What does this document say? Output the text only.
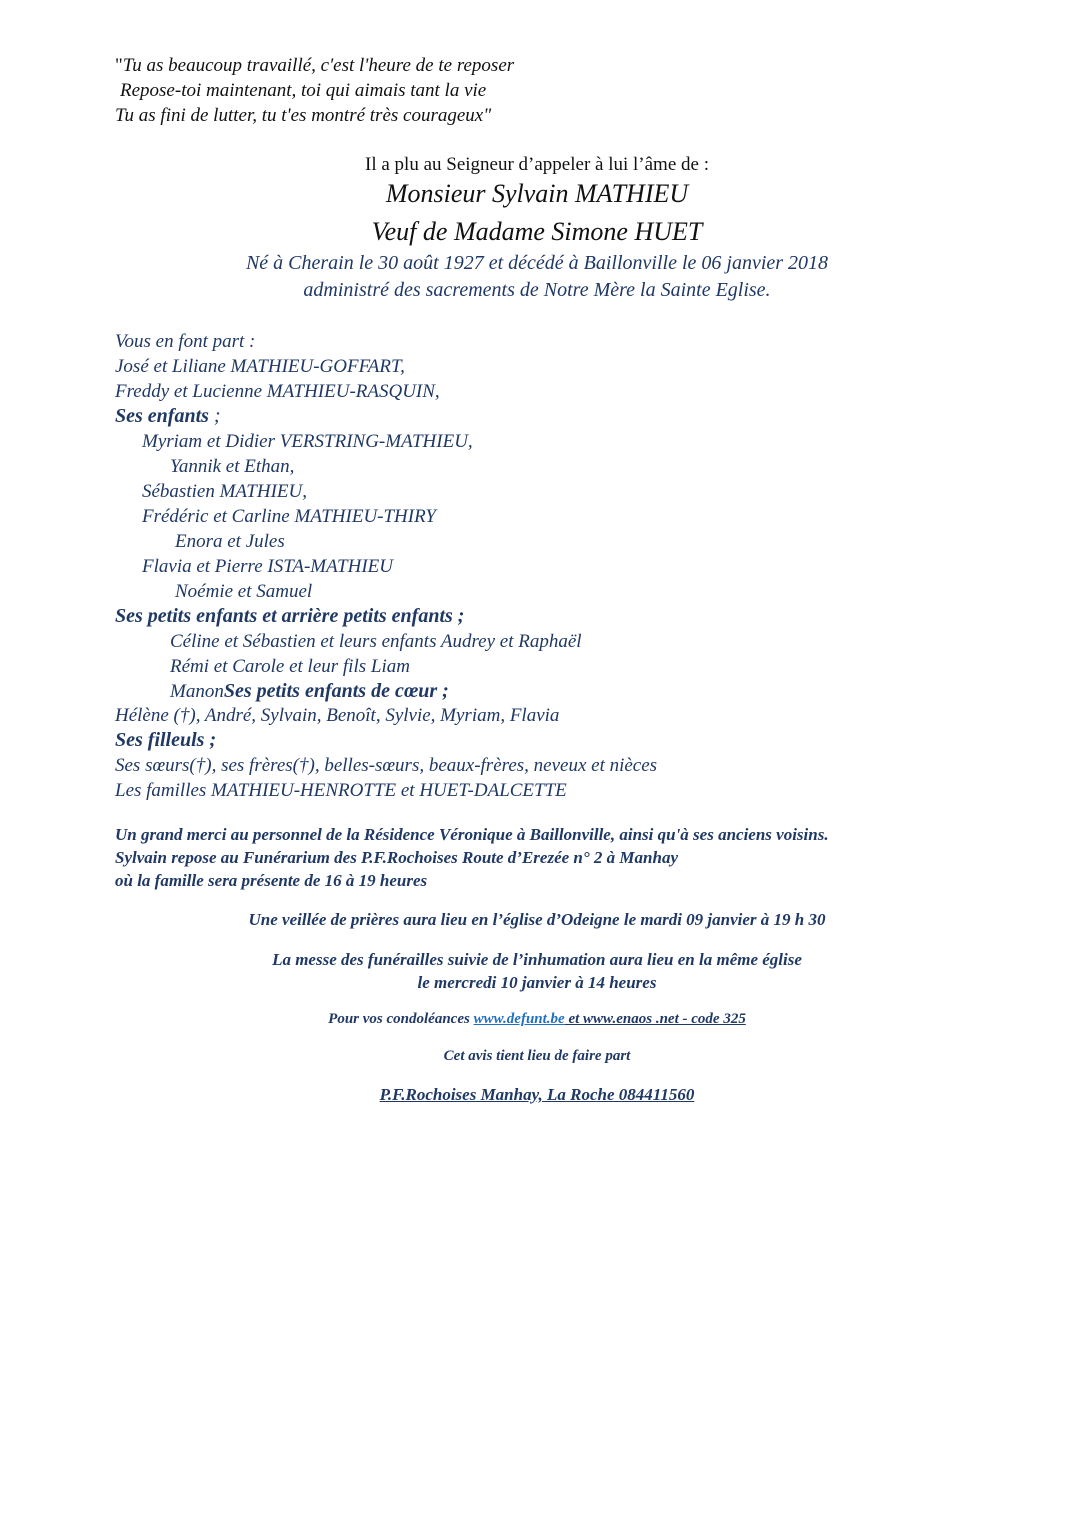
"Tu as beaucoup travaillé, c'est l'heure de te reposer
Repose-toi maintenant, toi qui aimais tant la vie
Tu as fini de lutter, tu t'es montré très courageux"
Il a plu au Seigneur d’appeler à lui l’âme de :
Monsieur Sylvain MATHIEU
Veuf de Madame Simone HUET
Né à Cherain le 30 août 1927 et décédé à Baillonville le 06 janvier 2018
administré des sacrements de Notre Mère la Sainte Eglise.
Vous en font part :
José et Liliane MATHIEU-GOFFART,
Freddy et Lucienne MATHIEU-RASQUIN,
Ses enfants ;
Myriam et Didier VERSTRING-MATHIEU,
Yannik et Ethan,
Sébastien MATHIEU,
Frédéric et Carline MATHIEU-THIRY
Enora et Jules
Flavia et Pierre ISTA-MATHIEU
Noémie et Samuel
Ses petits enfants et arrière petits enfants ;
Céline et Sébastien et leurs enfants Audrey et Raphaël
Rémi et Carole et leur fils Liam
ManonSes petits enfants de cœur ;
Hélène (†), André, Sylvain, Benoît, Sylvie, Myriam, Flavia
Ses filleuls ;
Ses sœurs(†), ses frères(†), belles-sœurs, beaux-frères, neveux et nièces
Les familles MATHIEU-HENROTTE et HUET-DALCETTE
Un grand merci au personnel de la Résidence Véronique à Baillonville, ainsi qu'à ses anciens voisins.
Sylvain repose au Funérarium des P.F.Rochoises Route d’Erezée n° 2 à Manhay
où la famille sera présente de 16 à 19 heures
Une veillée de prières aura lieu en l’église d’Odeigne le mardi 09 janvier à 19 h 30
La messe des funérailles suivie de l’inhumation aura lieu en la même église
le mercredi 10 janvier à 14 heures
Pour vos condoléances www.defunt.be et www.enaos .net - code 325
Cet avis tient lieu de faire part
P.F.Rochoises Manhay, La Roche 084411560
